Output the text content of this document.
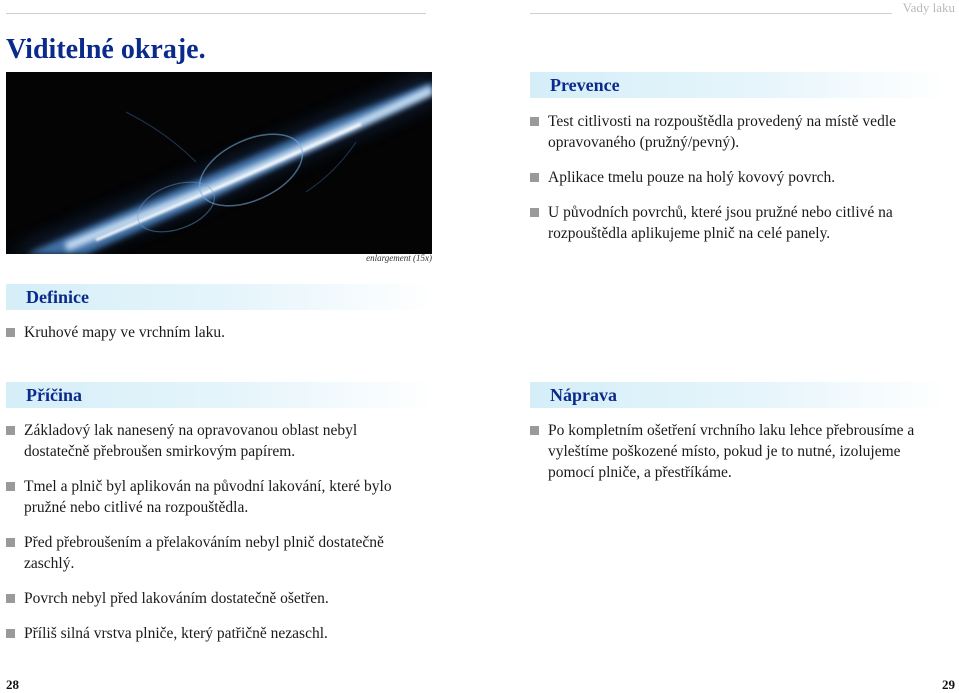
Vady laku
Viditelné okraje.
enlargement (15x)
Definice
Kruhové mapy ve vrchním laku.
Příčina
Základový lak nanesený na opravovanou oblast nebyl dostatečně přebroušen smirkovým papírem.
Tmel a plnič byl aplikován na původní lakování, které bylo pružné nebo citlivé na rozpouštědla.
Před přebroušením a přelakováním nebyl plnič dostatečně zaschlý.
Povrch nebyl před lakováním dostatečně ošetřen.
Příliš silná vrstva plniče, který patřičně nezaschl.
Prevence
Test citlivosti na rozpouštědla provedený na místě vedle opravovaného (pružný/pevný).
Aplikace tmelu pouze na holý kovový povrch.
U původních povrchů, které jsou pružné nebo citlivé na rozpouštědla aplikujeme plnič na celé panely.
Náprava
Po kompletním ošetření vrchního laku lehce přebrousíme a vyleštíme poškozené místo, pokud je to nutné, izolujeme pomocí plniče, a přestříkáme.
28	29
